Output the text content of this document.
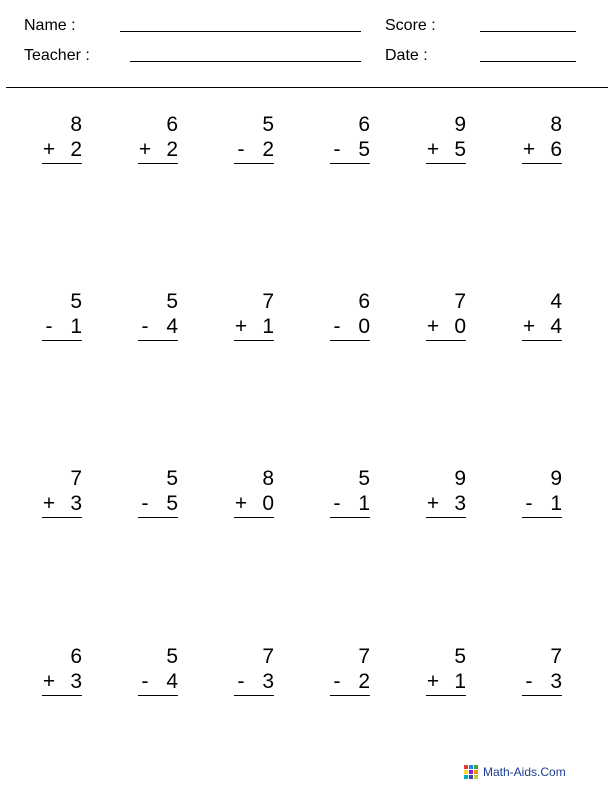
Name :
Teacher :
Score :
Date :
8
+ 2
6
+ 2
5
- 2
6
- 5
9
+ 5
8
+ 6
5
- 1
5
- 4
7
+ 1
6
- 0
7
+ 0
4
+ 4
7
+ 3
5
- 5
8
+ 0
5
- 1
9
+ 3
9
- 1
6
+ 3
5
- 4
7
- 3
7
- 2
5
+ 1
7
- 3
Math-Aids.Com
